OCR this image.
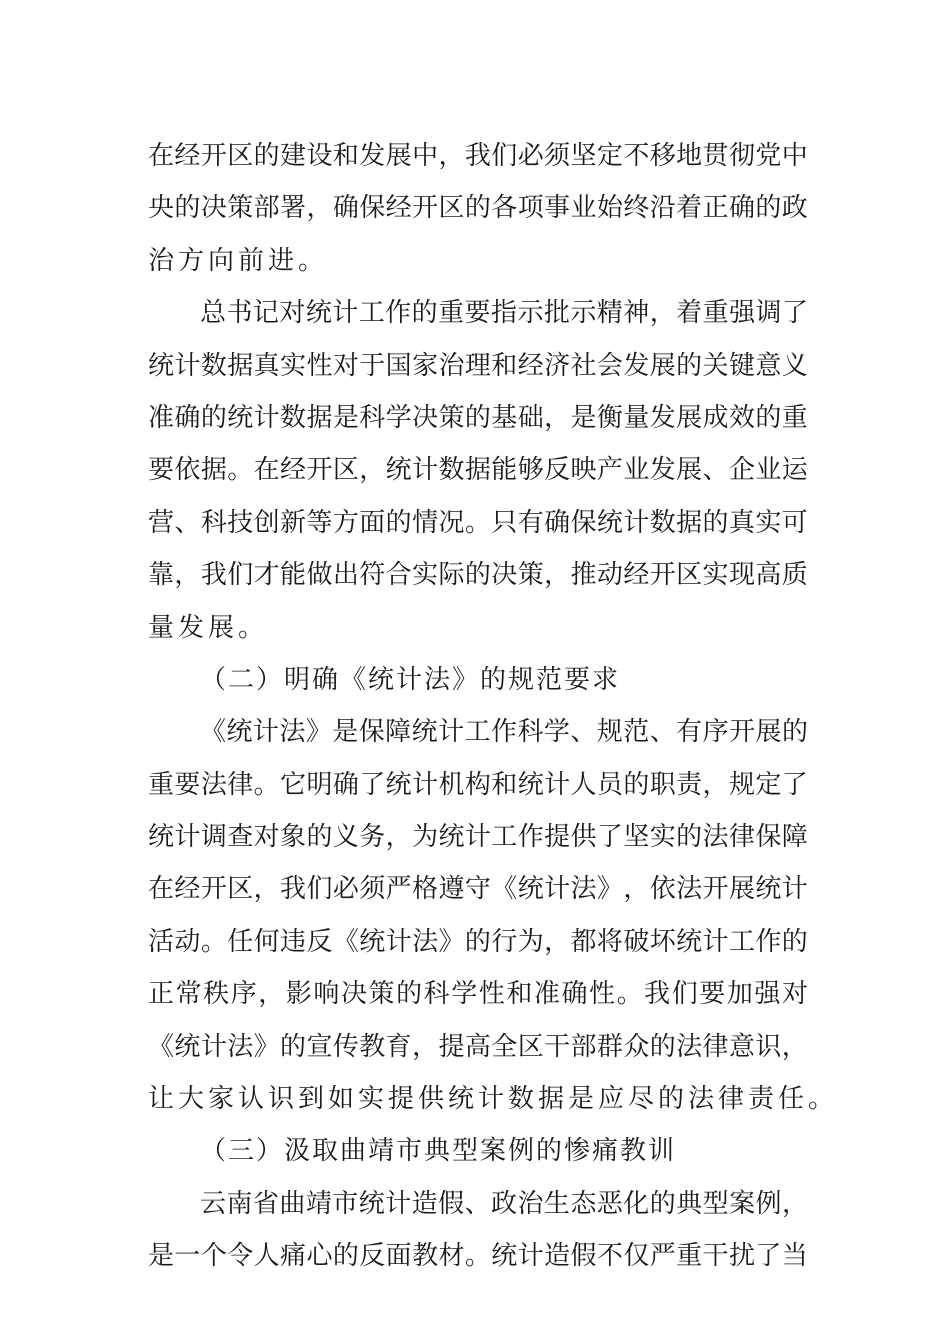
在 经 开 区 的 建 设 和 发 展 中 ， 我 们 必 须 坚 定 不 移 地 贯 彻 党 中
央 的 决 策 部 署 ， 确 保 经 开 区 的 各 项 事 业 始 终 沿 着 正 确 的 政
治方向前进。
总 书 记 对 统 计 工 作 的 重 要 指 示 批 示 精 神 ， 着 重 强 调 了
统 计 数 据 真 实 性 对 于 国 家 治 理 和 经 济 社 会 发 展 的 关 键 意 义
准 确 的 统 计 数 据 是 科 学 决 策 的 基 础 ， 是 衡 量 发 展 成 效 的 重
要 依 据 。 在 经 开 区 ， 统 计 数 据 能 够 反 映 产 业 发 展 、 企 业 运
营 、 科 技 创 新 等 方 面 的 情 况 。 只 有 确 保 统 计 数 据 的 真 实 可
靠 ， 我 们 才 能 做 出 符 合 实 际 的 决 策 ， 推 动 经 开 区 实 现 高 质
量发展。
（二）明确《统计法》的规范要求
《 统 计 法 》 是 保 障 统 计 工 作 科 学 、 规 范 、 有 序 开 展 的
重 要 法 律 。 它 明 确 了 统 计 机 构 和 统 计 人 员 的 职 责 ， 规 定 了
统 计 调 查 对 象 的 义 务 ， 为 统 计 工 作 提 供 了 坚 实 的 法 律 保 障
在 经 开 区 ， 我 们 必 须 严 格 遵 守 《 统 计 法 》 ， 依 法 开 展 统 计
活 动 。 任 何 违 反 《 统 计 法 》 的 行 为 ， 都 将 破 坏 统 计 工 作 的
正 常 秩 序 ， 影 响 决 策 的 科 学 性 和 准 确 性 。 我 们 要 加 强 对
《 统 计 法 》 的 宣 传 教 育 ， 提 高 全 区 干 部 群 众 的 法 律 意 识 ，
让大家认识到如实提供统计数据是应尽的法律责任。
（三）汲取曲靖市典型案例的惨痛教训
云 南 省 曲 靖 市 统 计 造 假 、 政 治 生 态 恶 化 的 典 型 案 例 ，
是 一 个 令 人 痛 心 的 反 面 教 材 。 统 计 造 假 不 仅 严 重 干 扰 了 当
